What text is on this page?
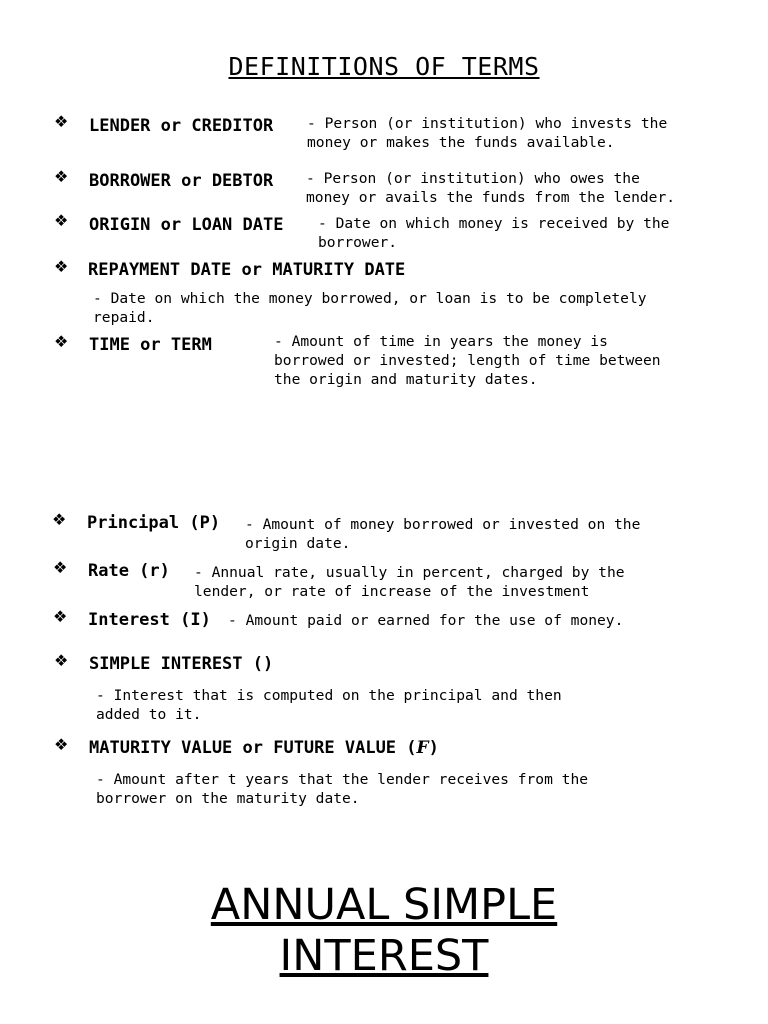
DEFINITIONS OF TERMS
❖ LENDER or CREDITOR - Person (or institution) who invests the
money or makes the funds available.
❖ BORROWER or DEBTOR - Person (or institution) who owes the
money or avails the funds from the lender.
❖ ORIGIN or LOAN DATE - Date on which money is received by the
borrower.
❖ REPAYMENT DATE or MATURITY DATE
- Date on which the money borrowed, or loan is to be completely
repaid.
❖ TIME or TERM	- Amount of time in years the money is
borrowed or invested; length of time between
the origin and maturity dates.
❖ Principal (P) - Amount of money borrowed or invested on the
origin date.
❖ Rate (r) - Annual rate, usually in percent, charged by the
lender, or rate of increase of the investment
❖ Interest (I) - Amount paid or earned for the use of money.
❖ SIMPLE INTEREST ()
- Interest that is computed on the principal and then
added to it.
❖ MATURITY VALUE or FUTURE VALUE (F)
- Amount after t years that the lender receives from the
borrower on the maturity date.
ANNUAL SIMPLE
INTEREST
